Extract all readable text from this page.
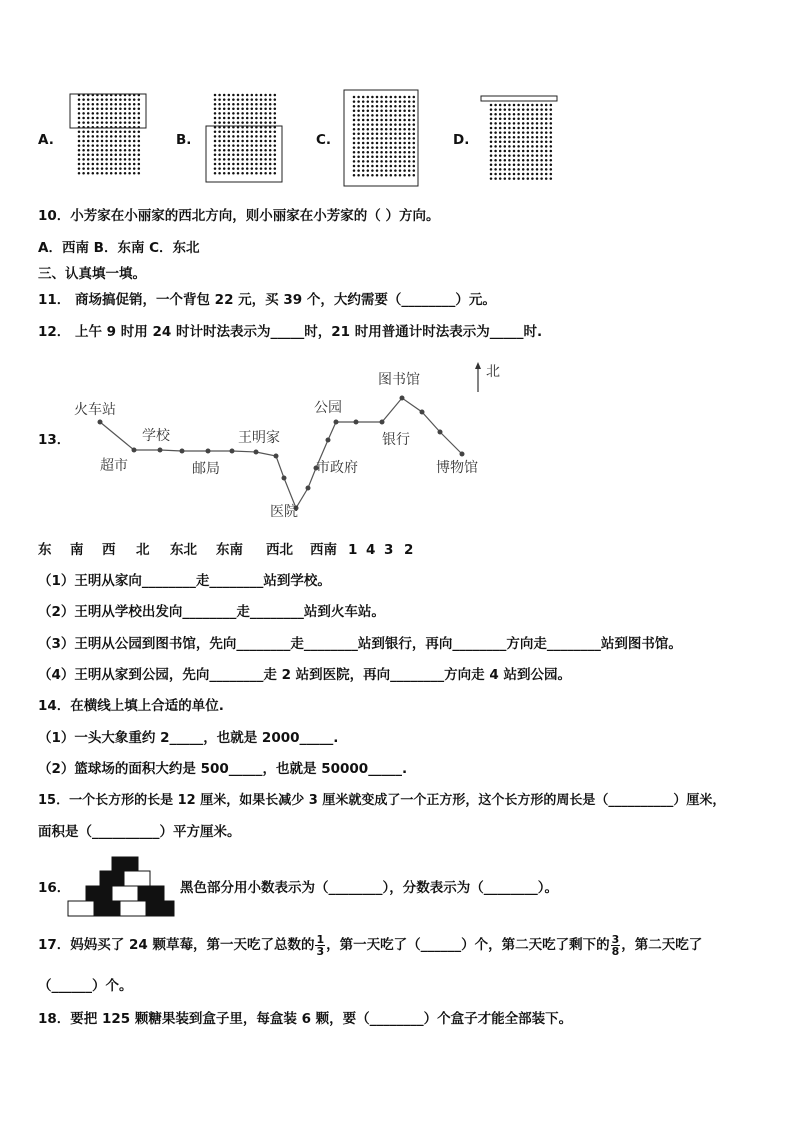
A.	B.	C.	D.
10．小芳家在小丽家的西北方向，则小丽家在小芳家的（ ）方向。
A．西南 B．东南 C．东北
三、认真填一填。
11． 商场搞促销，一个背包 22 元，买 39 个，大约需要（________）元。
12． 上午 9 时用 24 时计时法表示为_____时，21 时用普通计时法表示为_____时.
13．
火车站
超市
学校
邮局
王明家
医院
市政府
公园
银行
图书馆
博物馆
北
东 南 西 北 东北 东南 西北 西南 1 4 3 2
（1）王明从家向________走________站到学校。
（2）王明从学校出发向________走________站到火车站。
（3）王明从公园到图书馆，先向________走________站到银行，再向________方向走________站到图书馆。
（4）王明从家到公园，先向________走 2 站到医院，再向________方向走 4 站到公园。
14．在横线上填上合适的单位.
（1）一头大象重约 2_____，也就是 2000_____.
（2）篮球场的面积大约是 500_____，也就是 50000_____.
15．一个长方形的长是 12 厘米，如果长减少 3 厘米就变成了一个正方形，这个长方形的周长是（__________）厘米，
面积是（__________）平方厘米。
16．	黑色部分用小数表示为（________），分数表示为（________）。
17．妈妈买了 24 颗草莓，第一天吃了总数的 $\frac{1}{3}$ ，第一天吃了（______）个，第二天吃了剩下的 $\frac{3}{8}$ ，第二天吃了
（______）个。
18．要把 125 颗糖果装到盒子里，每盒装 6 颗，要（________）个盒子才能全部装下。
